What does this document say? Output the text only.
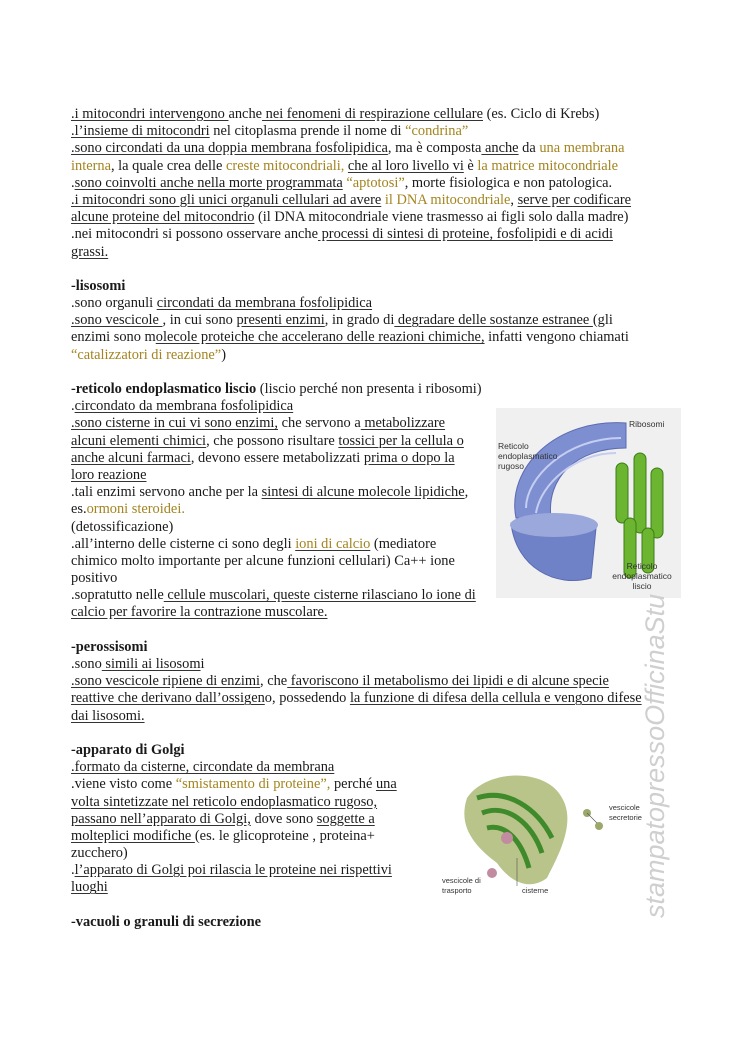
.i mitocondri intervengono anche nei fenomeni di respirazione cellulare (es. Ciclo di Krebs)
.l’insieme di mitocondri nel citoplasma prende il nome di “condrina”
.sono circondati da una doppia membrana fosfolipidica, ma è composta anche da una membrana
interna, la quale crea delle creste mitocondriali, che al loro livello vi è la matrice mitocondriale
.sono coinvolti anche nella morte programmata “aptotosi”, morte fisiologica e non patologica.
.i mitocondri sono gli unici organuli cellulari ad avere il DNA mitocondriale, serve per codificare
alcune proteine del mitocondrio (il DNA mitocondriale viene trasmesso ai figli solo dalla madre)
.nei mitocondri si possono osservare anche processi di sintesi di proteine, fosfolipidi e di acidi
grassi.
-lisosomi
.sono organuli circondati da membrana fosfolipidica
.sono vescicole , in cui sono presenti enzimi, in grado di degradare delle sostanze estranee (gli
enzimi sono molecole proteiche che accelerano delle reazioni chimiche, infatti vengono chiamati
“catalizzatori di reazione”)
-reticolo endoplasmatico liscio (liscio perché non presenta i ribosomi)
.circondato da membrana fosfolipidica
.sono cisterne in cui vi sono enzimi, che servono a metabolizzare
alcuni elementi chimici, che possono risultare tossici per la cellula o
anche alcuni farmaci, devono essere metabolizzati prima o dopo la
loro reazione
.tali enzimi servono anche per la sintesi di alcune molecole lipidiche,
es.ormoni steroidei.
(detossificazione)
.all’interno delle cisterne ci sono degli ioni di calcio (mediatore
chimico molto importante per alcune funzioni cellulari) Ca++ ione
positivo
.sopratutto nelle cellule muscolari, queste cisterne rilasciano lo ione di
calcio per favorire la contrazione muscolare.
-perossisomi
.sono simili ai lisosomi
.sono vescicole ripiene di enzimi, che favoriscono il metabolismo dei lipidi e di alcune specie
reattive che derivano dall’ossigeno, possedendo la funzione di difesa della cellula e vengono difese
dai lisosomi.
-apparato di Golgi
.formato da cisterne, circondate da membrana
.viene visto come “smistamento di proteine”, perché una
volta sintetizzate nel reticolo endoplasmatico rugoso,
passano nell’apparato di Golgi, dove sono soggette a
molteplici modifiche (es. le glicoproteine , proteina+
zucchero)
.l’apparato di Golgi poi rilascia le proteine nei rispettivi
luoghi
-vacuoli o granuli di secrezione
Ribosomi
Reticolo endoplasmatico rugoso
Reticolo endoplasmatico liscio
vescicole secretorie
vescicole di trasporto	cisterne	stampatopressoOfficinaStu
